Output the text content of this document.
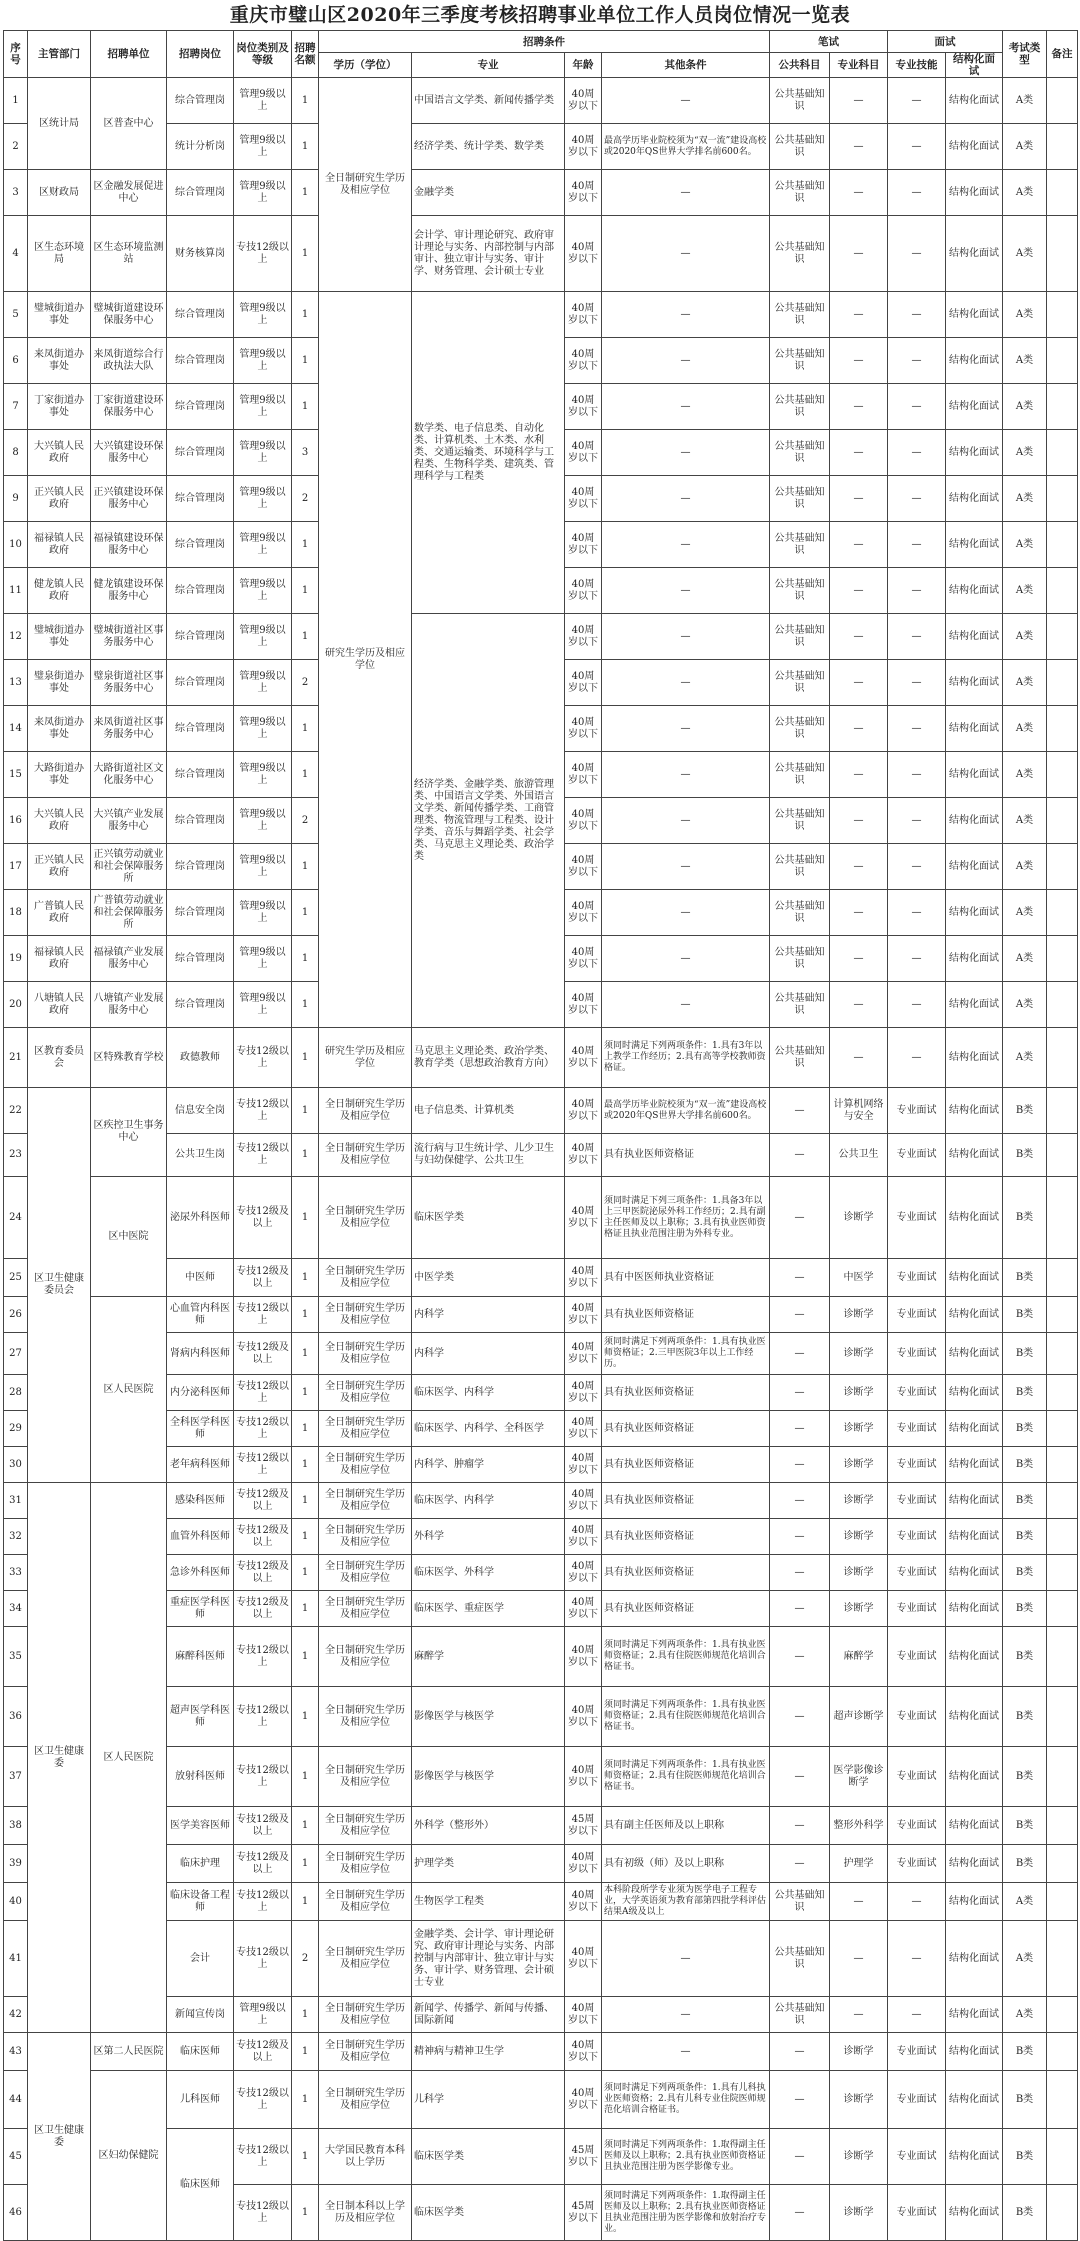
重庆市璧山区2020年三季度考核招聘事业单位工作人员岗位情况一览表
序号	主管部门	招聘单位	招聘岗位	岗位类别及等级	招聘名额	招聘条件				笔试		面试		考试类型	备注
						学历（学位）	专业	年龄	其他条件	公共科目	专业科目	专业技能	结构化面试		
1	区统计局	区普查中心	综合管理岗	管理9级以上	1	全日制研究生学历及相应学位	中国语言文学类、新闻传播学类	40周岁以下	—	公共基础知识	—	—	结构化面试	A类	
2			统计分析岗	管理9级以上	1		经济学类、统计学类、数学类	40周岁以下	最高学历毕业院校须为“双一流”建设高校或2020年QS世界大学排名前600名。	公共基础知识	—	—	结构化面试	A类	
3	区财政局	区金融发展促进中心	综合管理岗	管理9级以上	1		金融学类	40周岁以下	—	公共基础知识	—	—	结构化面试	A类	
4	区生态环境局	区生态环境监测站	财务核算岗	专技12级以上	1		会计学、审计理论研究、政府审计理论与实务、内部控制与内部审计、独立审计与实务、审计学、财务管理、会计硕士专业	40周岁以下	—	公共基础知识	—	—	结构化面试	A类	
5	璧城街道办事处	璧城街道建设环保服务中心	综合管理岗	管理9级以上	1	研究生学历及相应学位	数学类、电子信息类、自动化类、计算机类、土木类、水利类、交通运输类、环境科学与工程类、生物科学类、建筑类、管理科学与工程类	40周岁以下	—	公共基础知识	—	—	结构化面试	A类	
6	来凤街道办事处	来凤街道综合行政执法大队	综合管理岗	管理9级以上	1			40周岁以下	—	公共基础知识	—	—	结构化面试	A类	
7	丁家街道办事处	丁家街道建设环保服务中心	综合管理岗	管理9级以上	1			40周岁以下	—	公共基础知识	—	—	结构化面试	A类	
8	大兴镇人民政府	大兴镇建设环保服务中心	综合管理岗	管理9级以上	3			40周岁以下	—	公共基础知识	—	—	结构化面试	A类	
9	正兴镇人民政府	正兴镇建设环保服务中心	综合管理岗	管理9级以上	2			40周岁以下	—	公共基础知识	—	—	结构化面试	A类	
10	福禄镇人民政府	福禄镇建设环保服务中心	综合管理岗	管理9级以上	1			40周岁以下	—	公共基础知识	—	—	结构化面试	A类	
11	健龙镇人民政府	健龙镇建设环保服务中心	综合管理岗	管理9级以上	1			40周岁以下	—	公共基础知识	—	—	结构化面试	A类	
12	璧城街道办事处	璧城街道社区事务服务中心	综合管理岗	管理9级以上	1		经济学类、金融学类、旅游管理类、中国语言文学类、外国语言文学类、新闻传播学类、工商管理类、物流管理与工程类、设计学类、音乐与舞蹈学类、社会学类、马克思主义理论类、政治学类	40周岁以下	—	公共基础知识	—	—	结构化面试	A类	
13	璧泉街道办事处	璧泉街道社区事务服务中心	综合管理岗	管理9级以上	2			40周岁以下	—	公共基础知识	—	—	结构化面试	A类	
14	来凤街道办事处	来凤街道社区事务服务中心	综合管理岗	管理9级以上	1			40周岁以下	—	公共基础知识	—	—	结构化面试	A类	
15	大路街道办事处	大路街道社区文化服务中心	综合管理岗	管理9级以上	1			40周岁以下	—	公共基础知识	—	—	结构化面试	A类	
16	大兴镇人民政府	大兴镇产业发展服务中心	综合管理岗	管理9级以上	2			40周岁以下	—	公共基础知识	—	—	结构化面试	A类	
17	正兴镇人民政府	正兴镇劳动就业和社会保障服务所	综合管理岗	管理9级以上	1			40周岁以下	—	公共基础知识	—	—	结构化面试	A类	
18	广普镇人民政府	广普镇劳动就业和社会保障服务所	综合管理岗	管理9级以上	1			40周岁以下	—	公共基础知识	—	—	结构化面试	A类	
19	福禄镇人民政府	福禄镇产业发展服务中心	综合管理岗	管理9级以上	1			40周岁以下	—	公共基础知识	—	—	结构化面试	A类	
20	八塘镇人民政府	八塘镇产业发展服务中心	综合管理岗	管理9级以上	1			40周岁以下	—	公共基础知识	—	—	结构化面试	A类	
21	区教育委员会	区特殊教育学校	政德教师	专技12级以上	1	研究生学历及相应学位	马克思主义理论类、政治学类、教育学类（思想政治教育方向）	40周岁以下	须同时满足下列两项条件：1.具有3年以上教学工作经历；2.具有高等学校教师资格证。	公共基础知识	—	—	结构化面试	A类	
22	区卫生健康委员会	区疾控卫生事务中心	信息安全岗	专技12级以上	1	全日制研究生学历及相应学位	电子信息类、计算机类	40周岁以下	最高学历毕业院校须为“双一流”建设高校或2020年QS世界大学排名前600名。	—	计算机网络与安全	专业面试	结构化面试	B类	
23			公共卫生岗	专技12级以上	1	全日制研究生学历及相应学位	流行病与卫生统计学、儿少卫生与妇幼保健学、公共卫生	40周岁以下	具有执业医师资格证	—	公共卫生	专业面试	结构化面试	B类	
24		区中医院	泌尿外科医师	专技12级及以上	1	全日制研究生学历及相应学位	临床医学类	40周岁以下	须同时满足下列三项条件：1.具备3年以上三甲医院泌尿外科工作经历；2.具有副主任医师及以上职称；3.具有执业医师资格证且执业范围注册为外科专业。	—	诊断学	专业面试	结构化面试	B类	
25			中医师	专技12级及以上	1	全日制研究生学历及相应学位	中医学类	40周岁以下	具有中医医师执业资格证	—	中医学	专业面试	结构化面试	B类	
26		区人民医院	心血管内科医师	专技12级以上	1	全日制研究生学历及相应学位	内科学	40周岁以下	具有执业医师资格证	—	诊断学	专业面试	结构化面试	B类	
27			肾病内科医师	专技12级及以上	1	全日制研究生学历及相应学位	内科学	40周岁以下	须同时满足下列两项条件：1.具有执业医师资格证；2.三甲医院3年以上工作经历。	—	诊断学	专业面试	结构化面试	B类	
28			内分泌科医师	专技12级以上	1	全日制研究生学历及相应学位	临床医学、内科学	40周岁以下	具有执业医师资格证	—	诊断学	专业面试	结构化面试	B类	
29			全科医学科医师	专技12级以上	1	全日制研究生学历及相应学位	临床医学、内科学、全科医学	40周岁以下	具有执业医师资格证	—	诊断学	专业面试	结构化面试	B类	
30			老年病科医师	专技12级以上	1	全日制研究生学历及相应学位	内科学、肿瘤学	40周岁以下	具有执业医师资格证	—	诊断学	专业面试	结构化面试	B类	
31	区卫生健康委	区人民医院	感染科医师	专技12级及以上	1	全日制研究生学历及相应学位	临床医学、内科学	40周岁以下	具有执业医师资格证	—	诊断学	专业面试	结构化面试	B类	
32			血管外科医师	专技12级及以上	1	全日制研究生学历及相应学位	外科学	40周岁以下	具有执业医师资格证	—	诊断学	专业面试	结构化面试	B类	
33			急诊外科医师	专技12级及以上	1	全日制研究生学历及相应学位	临床医学、外科学	40周岁以下	具有执业医师资格证	—	诊断学	专业面试	结构化面试	B类	
34			重症医学科医师	专技12级及以上	1	全日制研究生学历及相应学位	临床医学、重症医学	40周岁以下	具有执业医师资格证	—	诊断学	专业面试	结构化面试	B类	
35			麻醉科医师	专技12级以上	1	全日制研究生学历及相应学位	麻醉学	40周岁以下	须同时满足下列两项条件：1.具有执业医师资格证；2.具有住院医师规范化培训合格证书。	—	麻醉学	专业面试	结构化面试	B类	
36			超声医学科医师	专技12级以上	1	全日制研究生学历及相应学位	影像医学与核医学	40周岁以下	须同时满足下列两项条件：1.具有执业医师资格证；2.具有住院医师规范化培训合格证书。	—	超声诊断学	专业面试	结构化面试	B类	
37			放射科医师	专技12级以上	1	全日制研究生学历及相应学位	影像医学与核医学	40周岁以下	须同时满足下列两项条件：1.具有执业医师资格证；2.具有住院医师规范化培训合格证书。	—	医学影像诊断学	专业面试	结构化面试	B类	
38			医学美容医师	专技12级及以上	1	全日制研究生学历及相应学位	外科学（整形外）	45周岁以下	具有副主任医师及以上职称	—	整形外科学	专业面试	结构化面试	B类	
39			临床护理	专技12级及以上	1	全日制研究生学历及相应学位	护理学类	40周岁以下	具有初级（师）及以上职称	—	护理学	专业面试	结构化面试	B类	
40			临床设备工程师	专技12级以上	1	全日制研究生学历及相应学位	生物医学工程类	40周岁以下	本科阶段所学专业须为医学电子工程专业，大学英语须为教育部第四批学科评估结果A级及以上	公共基础知识	—	—	结构化面试	A类	
41			会计	专技12级以上	2	全日制研究生学历及相应学位	金融学类、会计学、审计理论研究、政府审计理论与实务、内部控制与内部审计、独立审计与实务、审计学、财务管理、会计硕士专业	40周岁以下	—	公共基础知识	—	—	结构化面试	A类	
42			新闻宣传岗	管理9级以上	1	全日制研究生学历及相应学位	新闻学、传播学、新闻与传播、国际新闻	40周岁以下	—	公共基础知识	—	—	结构化面试	A类	
43	区卫生健康委	区第二人民医院	临床医师	专技12级及以上	1	全日制研究生学历及相应学位	精神病与精神卫生学	40周岁以下	—	—	诊断学	专业面试	结构化面试	B类	
44		区妇幼保健院	儿科医师	专技12级以上	1	全日制研究生学历及相应学位	儿科学	40周岁以下	须同时满足下列两项条件：1.具有儿科执业医师资格；2.具有儿科专业住院医师规范化培训合格证书。	—	诊断学	专业面试	结构化面试	B类	
45			临床医师	专技12级以上	1	大学国民教育本科以上学历	临床医学类	45周岁以下	须同时满足下列两项条件：1.取得副主任医师及以上职称；2.具有执业医师资格证且执业范围注册为医学影像专业。	—	诊断学	专业面试	结构化面试	B类	
46				专技12级以上	1	全日制本科以上学历及相应学位	临床医学类	45周岁以下	须同时满足下列两项条件：1.取得副主任医师及以上职称；2.具有执业医师资格证且执业范围注册为医学影像和放射治疗专业。	—	诊断学	专业面试	结构化面试	B类	
